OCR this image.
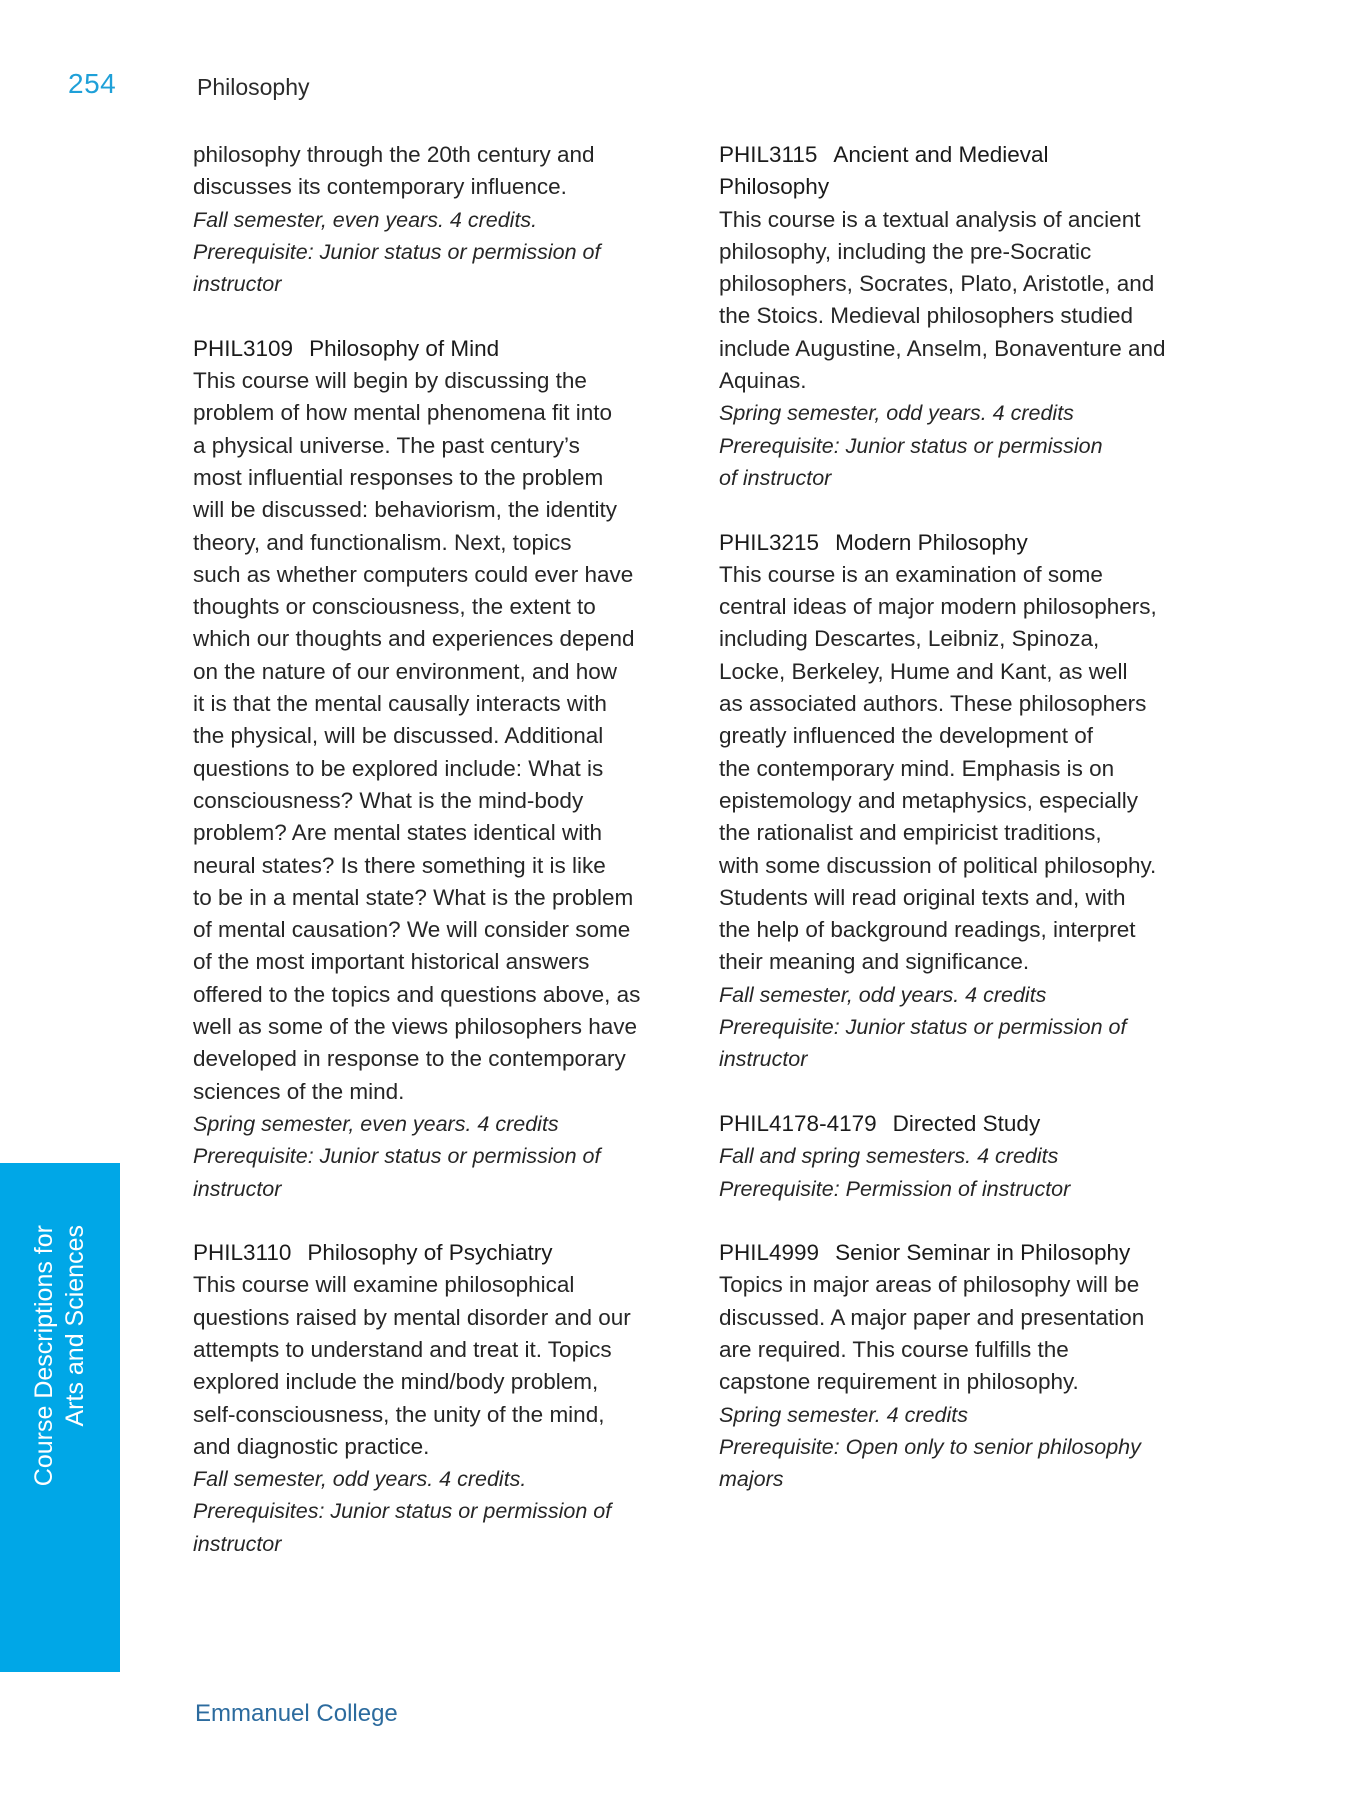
254	Philosophy
philosophy through the 20th century and
discusses its contemporary influence.
Fall semester, even years. 4 credits.
Prerequisite: Junior status or permission of
instructor
PHIL3109 Philosophy of Mind
This course will begin by discussing the
problem of how mental phenomena fit into
a physical universe. The past century’s
most influential responses to the problem
will be discussed: behaviorism, the identity
theory, and functionalism. Next, topics
such as whether computers could ever have
thoughts or consciousness, the extent to
which our thoughts and experiences depend
on the nature of our environment, and how
it is that the mental causally interacts with
the physical, will be discussed. Additional
questions to be explored include: What is
consciousness? What is the mind-body
problem? Are mental states identical with
neural states? Is there something it is like
to be in a mental state? What is the problem
of mental causation? We will consider some
of the most important historical answers
offered to the topics and questions above, as
well as some of the views philosophers have
developed in response to the contemporary
sciences of the mind.
Spring semester, even years. 4 credits
Prerequisite: Junior status or permission of
instructor
PHIL3110 Philosophy of Psychiatry
This course will examine philosophical
questions raised by mental disorder and our
attempts to understand and treat it. Topics
explored include the mind/body problem,
self-consciousness, the unity of the mind,
and diagnostic practice.
Fall semester, odd years. 4 credits.
Prerequisites: Junior status or permission of
instructor
PHIL3115 Ancient and Medieval
Philosophy
This course is a textual analysis of ancient
philosophy, including the pre-Socratic
philosophers, Socrates, Plato, Aristotle, and
the Stoics. Medieval philosophers studied
include Augustine, Anselm, Bonaventure and
Aquinas.
Spring semester, odd years. 4 credits
Prerequisite: Junior status or permission
of instructor
PHIL3215 Modern Philosophy
This course is an examination of some
central ideas of major modern philosophers,
including Descartes, Leibniz, Spinoza,
Locke, Berkeley, Hume and Kant, as well
as associated authors. These philosophers
greatly influenced the development of
the contemporary mind. Emphasis is on
epistemology and metaphysics, especially
the rationalist and empiricist traditions,
with some discussion of political philosophy.
Students will read original texts and, with
the help of background readings, interpret
their meaning and significance.
Fall semester, odd years. 4 credits
Prerequisite: Junior status or permission of
instructor
PHIL4178-4179 Directed Study
Fall and spring semesters. 4 credits
Prerequisite: Permission of instructor
PHIL4999 Senior Seminar in Philosophy
Topics in major areas of philosophy will be
discussed. A major paper and presentation
are required. This course fulfills the
capstone requirement in philosophy.
Spring semester. 4 credits
Prerequisite: Open only to senior philosophy
majors
Course Descriptions for Arts and Sciences
Emmanuel College
